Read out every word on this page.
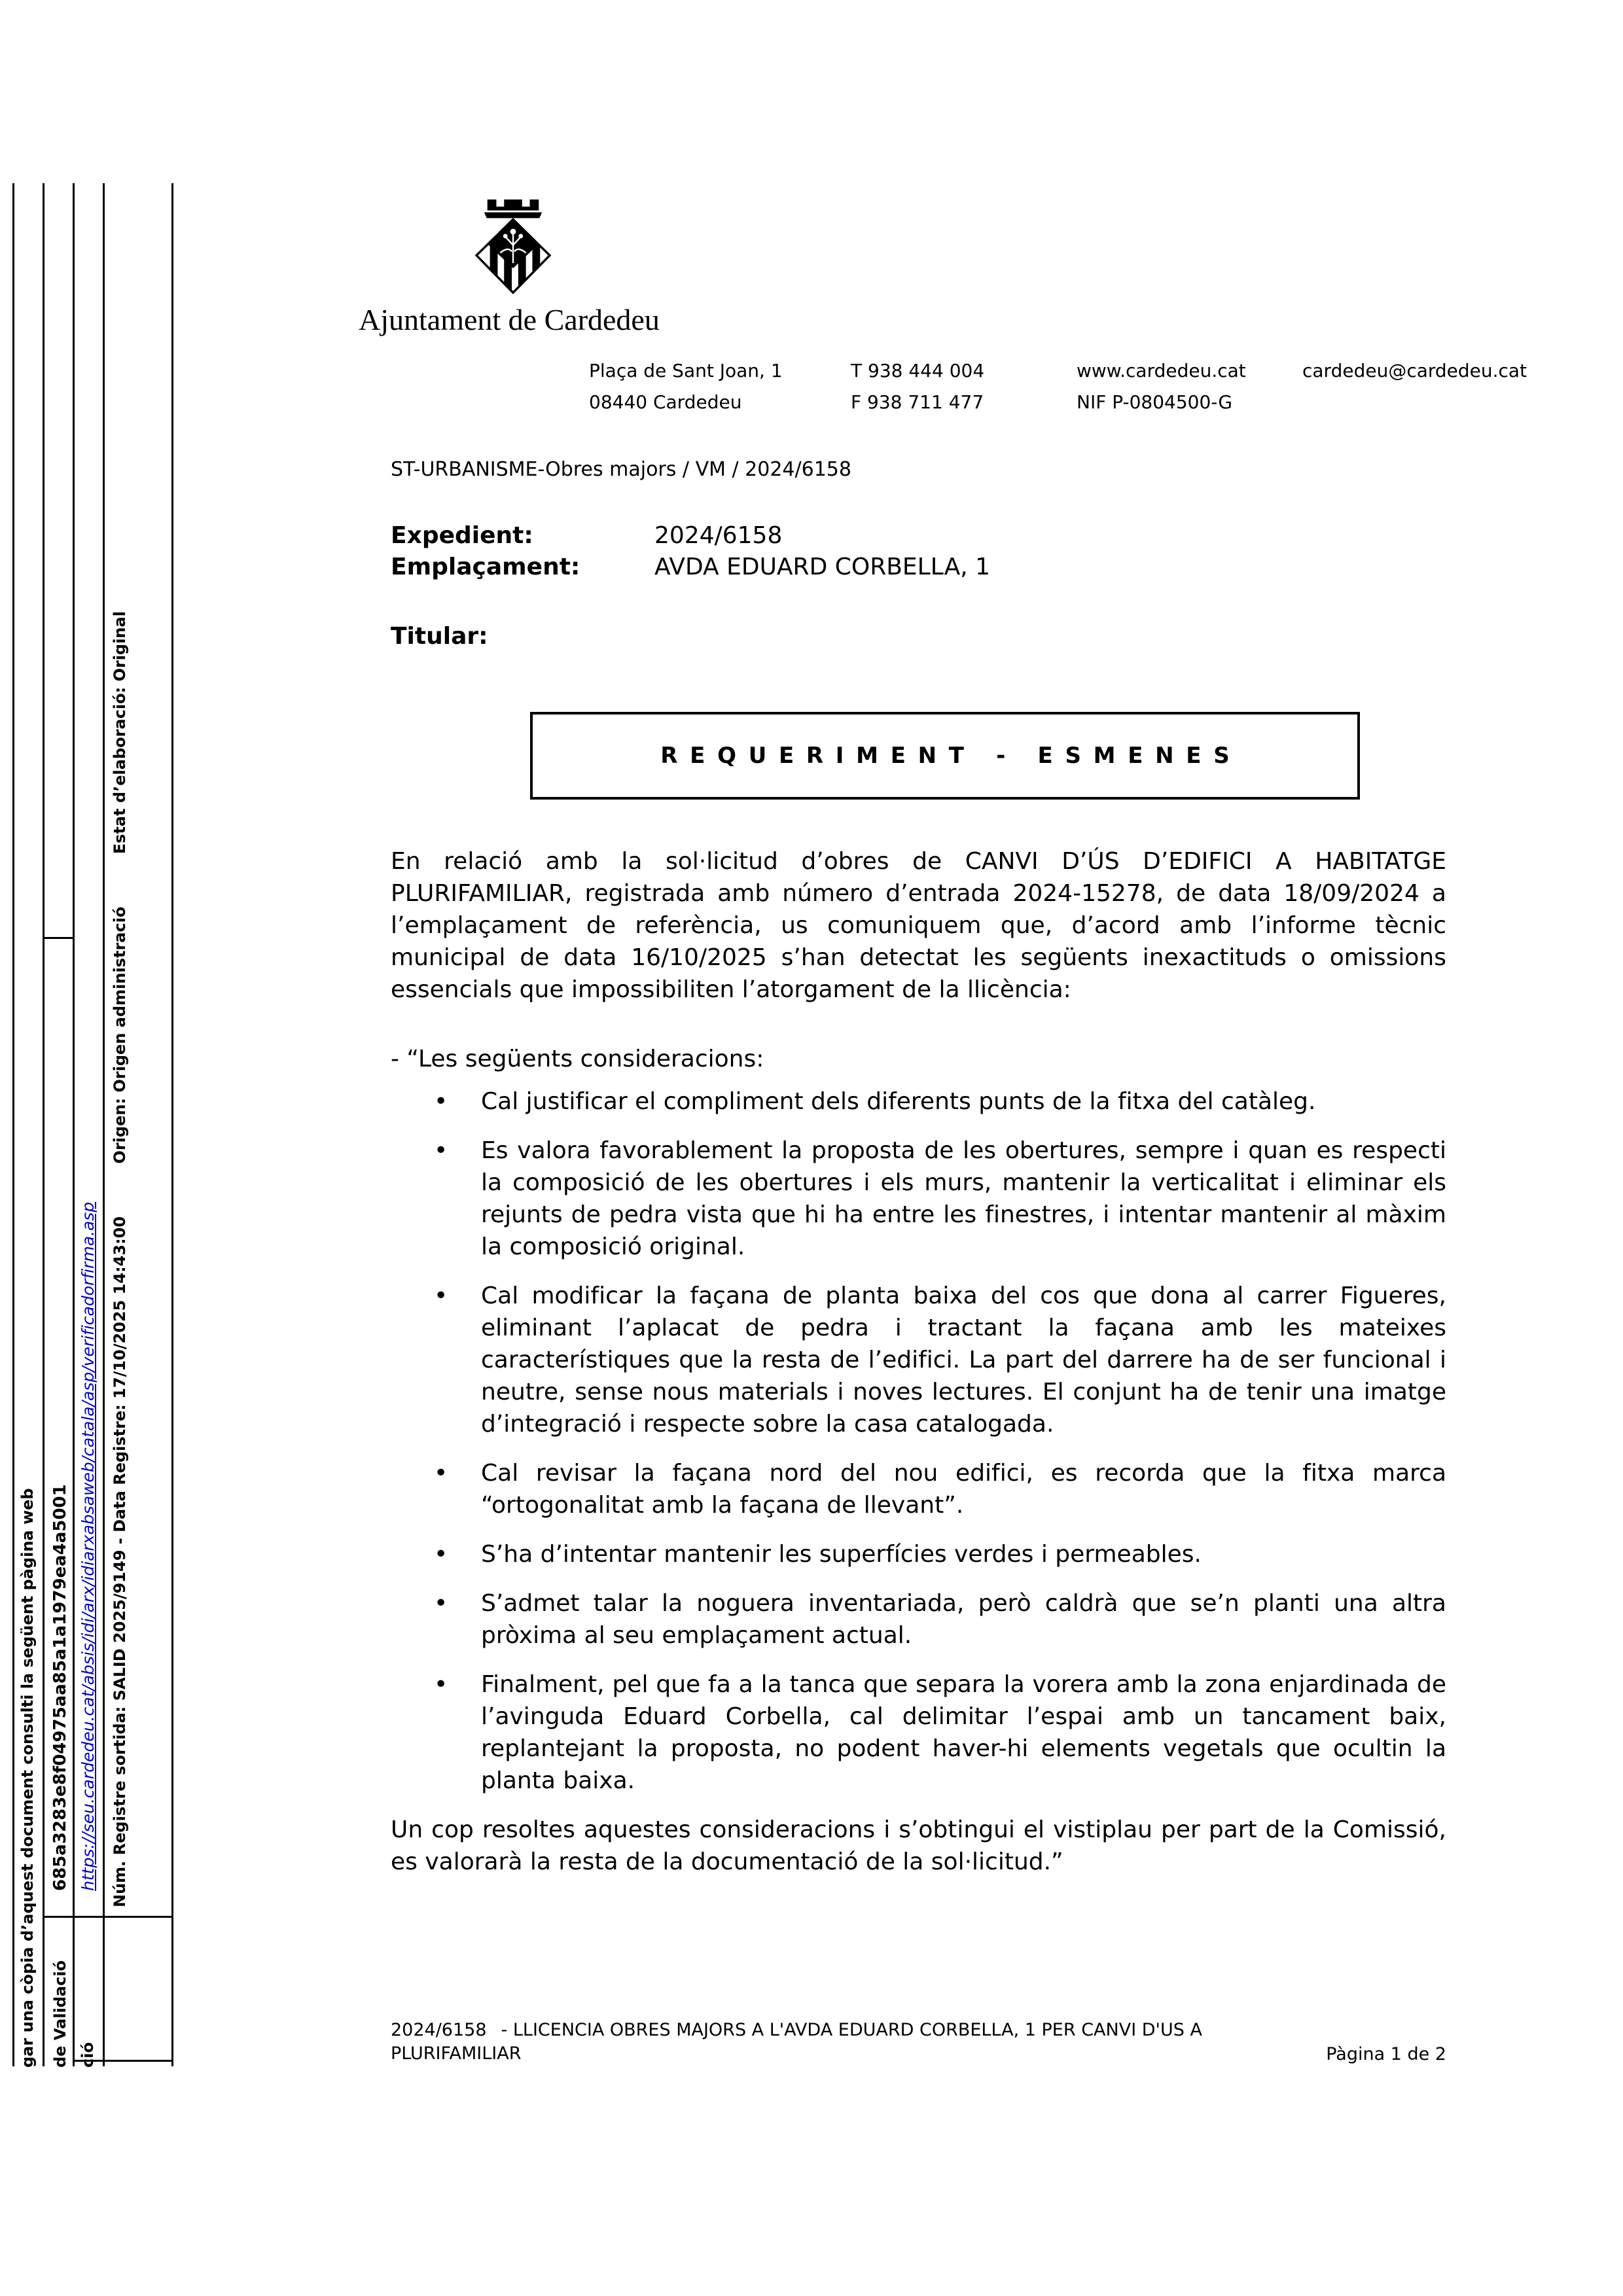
gar una còpia d’aquest document consulti la següent pàgina web de Validació
685a3283e8f04975aa85a1a1979ea4a5001
ció
https://seu.cardedeu.cat/absis/idi/arx/idiarxabsaweb/catala/asp/verificadorfirma.asp Núm. Registre sortida: SALID 2025/9149 - Data Registre: 17/10/2025 14:43:00 Origen: Origen administració Estat d’elaboració: Original
Ajuntament de Cardedeu
Plaça de Sant Joan, 1
08440 Cardedeu
T 938 444 004
F 938 711 477
www.cardedeu.cat
NIF P-0804500-G
cardedeu@cardedeu.cat
ST-URBANISME-Obres majors / VM / 2024/6158
Expedient:	2024/6158
Emplaçament:	AVDA EDUARD CORBELLA, 1
Titular:
REQUERIMENT - ESMENES

En relació amb la sol·licitud d’obres de CANVI D’ÚS D’EDIFICI A HABITATGE PLURIFAMILIAR, registrada amb número d’entrada 2024-15278, de data 18/09/2024 a l’emplaçament de referència, us comuniquem que, d’acord amb l’informe tècnic municipal de data 16/10/2025 s’han detectat les següents inexactituds o omissions essencials que impossibiliten l’atorgament de la llicència:

- “Les següents consideracions:
• Cal justificar el compliment dels diferents punts de la fitxa del catàleg.
• Es valora favorablement la proposta de les obertures, sempre i quan es respecti la composició de les obertures i els murs, mantenir la verticalitat i eliminar els rejunts de pedra vista que hi ha entre les finestres, i intentar mantenir al màxim la composició original.
• Cal modificar la façana de planta baixa del cos que dona al carrer Figueres, eliminant l’aplacat de pedra i tractant la façana amb les mateixes característiques que la resta de l’edifici. La part del darrere ha de ser funcional i neutre, sense nous materials i noves lectures. El conjunt ha de tenir una imatge d’integració i respecte sobre la casa catalogada.
• Cal revisar la façana nord del nou edifici, es recorda que la fitxa marca “ortogonalitat amb la façana de llevant”.
• S’ha d’intentar mantenir les superfícies verdes i permeables.
• S’admet talar la noguera inventariada, però caldrà que se’n planti una altra pròxima al seu emplaçament actual.
• Finalment, pel que fa a la tanca que separa la vorera amb la zona enjardinada de l’avinguda Eduard Corbella, cal delimitar l’espai amb un tancament baix, replantejant la proposta, no podent haver-hi elements vegetals que ocultin la planta baixa.

Un cop resoltes aquestes consideracions i s’obtingui el vistiplau per part de la Comissió, es valorarà la resta de la documentació de la sol·licitud.”

2024/6158 - LLICENCIA OBRES MAJORS A L'AVDA EDUARD CORBELLA, 1 PER CANVI D'US A PLURIFAMILIAR	Pàgina 1 de 2
